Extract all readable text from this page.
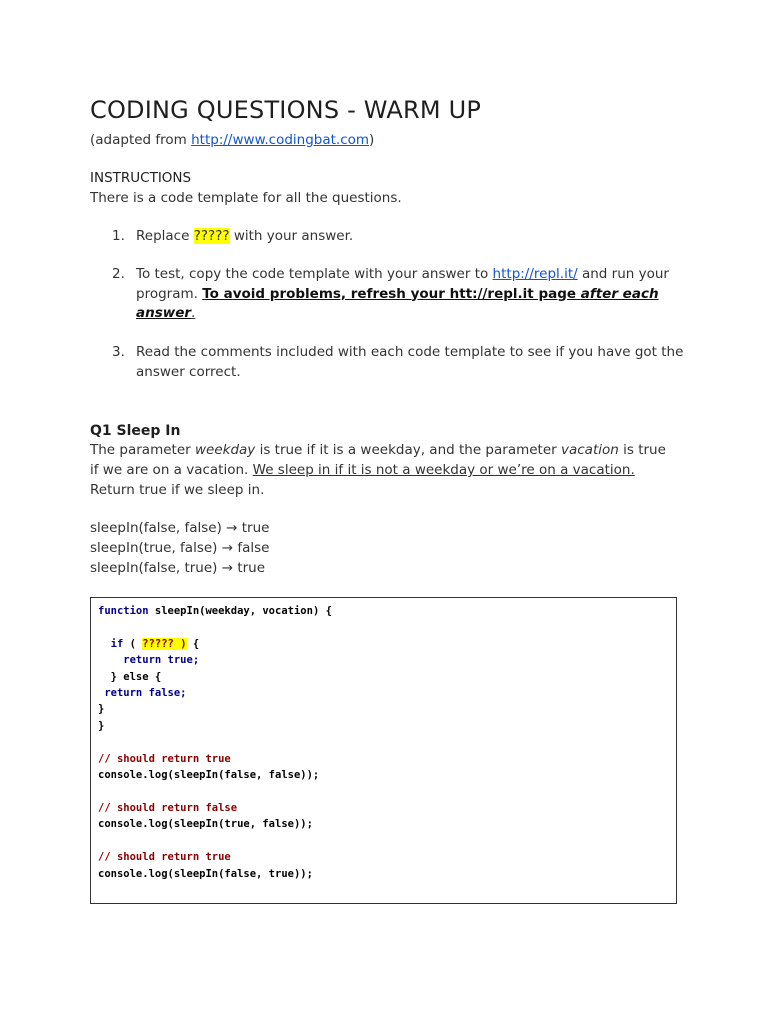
CODING QUESTIONS - WARM UP
(adapted from http://www.codingbat.com)
INSTRUCTIONS
There is a code template for all the questions.
1. Replace ????? with your answer.
2. To test, copy the code template with your answer to http://repl.it/ and run your program. To avoid problems, refresh your htt://repl.it page after each answer.
3. Read the comments included with each code template to see if you have got the answer correct.
Q1 Sleep In
The parameter weekday is true if it is a weekday, and the parameter vacation is true if we are on a vacation. We sleep in if it is not a weekday or we’re on a vacation. Return true if we sleep in.
sleepIn(false, false) → true
sleepIn(true, false) → false
sleepIn(false, true) → true
function sleepIn(weekday, vocation) {

if ( ????? ) {
return true;
} else {
return false;
}
}

// should return true
console.log(sleepIn(false, false));

// should return false
console.log(sleepIn(true, false));

// should return true
console.log(sleepIn(false, true));
